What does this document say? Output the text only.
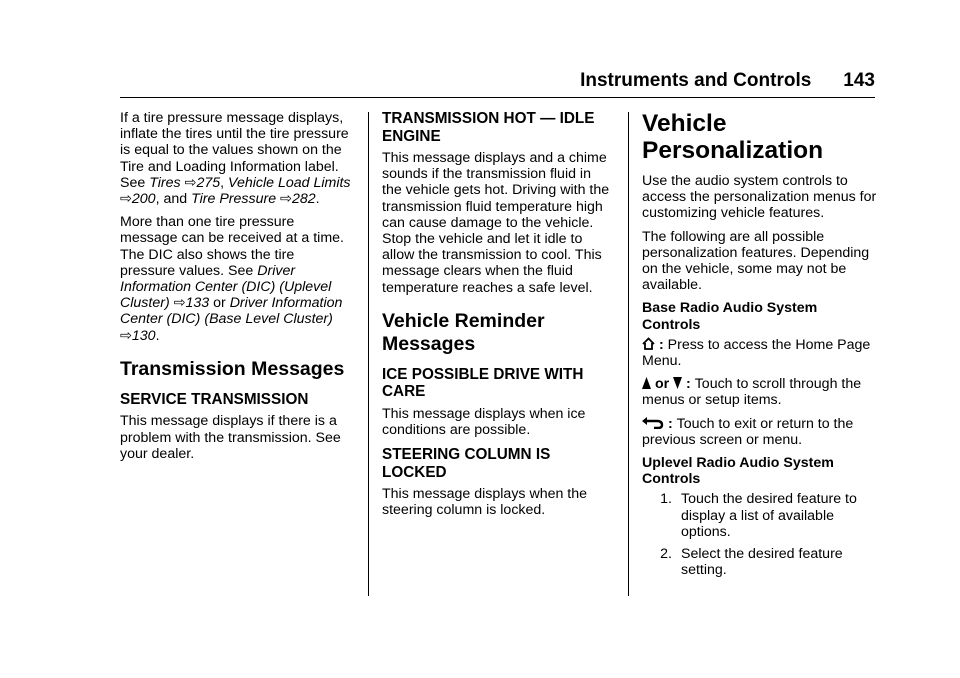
Instruments and Controls 143

If a tire pressure message displays, inflate the tires until the tire pressure is equal to the values shown on the Tire and Loading Information label. See Tires ⇨275, Vehicle Load Limits ⇨200, and Tire Pressure ⇨282.

More than one tire pressure message can be received at a time. The DIC also shows the tire pressure values. See Driver Information Center (DIC) (Uplevel Cluster) ⇨133 or Driver Information Center (DIC) (Base Level Cluster) ⇨130.

Transmission Messages
SERVICE TRANSMISSION

This message displays if there is a problem with the transmission. See your dealer.

TRANSMISSION HOT — IDLE ENGINE

This message displays and a chime sounds if the transmission fluid in the vehicle gets hot. Driving with the transmission fluid temperature high can cause damage to the vehicle. Stop the vehicle and let it idle to allow the transmission to cool. This message clears when the fluid temperature reaches a safe level.

Vehicle Reminder Messages
ICE POSSIBLE DRIVE WITH CARE

This message displays when ice conditions are possible.

STEERING COLUMN IS LOCKED

This message displays when the steering column is locked.

Vehicle Personalization

Use the audio system controls to access the personalization menus for customizing vehicle features.

The following are all possible personalization features. Depending on the vehicle, some may not be available.

Base Radio Audio System Controls

: Press to access the Home Page Menu.

or  : Touch to scroll through the menus or setup items.

: Touch to exit or return to the previous screen or menu.

Uplevel Radio Audio System Controls
1. Touch the desired feature to display a list of available options.
2. Select the desired feature setting.
